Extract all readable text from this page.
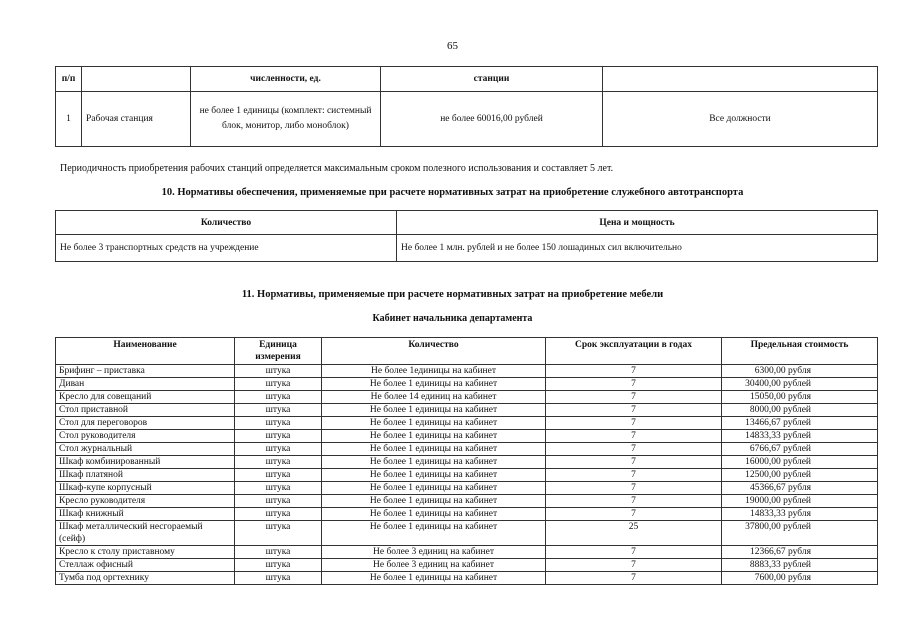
65
п/п		численности, ед.	станции	
1	Рабочая станция	не более 1 единицы (комплект: системный блок, монитор, либо моноблок)	не более 60016,00 рублей	Все должности
Периодичность приобретения рабочих станций определяется максимальным сроком полезного использования и составляет 5 лет.
10. Нормативы обеспечения, применяемые при расчете нормативных затрат на приобретение служебного автотранспорта
Количество	Цена и мощность
Не более 3 транспортных средств на учреждение	Не более 1 млн. рублей и не более 150 лошадиных сил включительно
11. Нормативы, применяемые при расчете нормативных затрат на приобретение мебели
Кабинет начальника департамента
Наименование	Единица измерения	Количество	Срок эксплуатации в годах	Предельная стоимость
Брифинг – приставка	штука	Не более 1единицы на кабинет	7	6300,00 рубля
Диван	штука	Не более 1 единицы на кабинет	7	30400,00 рублей
Кресло для совещаний	штука	Не более 14 единиц на кабинет	7	15050,00 рубля
Стол приставной	штука	Не более 1 единицы на кабинет	7	8000,00 рублей
Стол для переговоров	штука	Не более 1 единицы на кабинет	7	13466,67 рублей
Стол руководителя	штука	Не более 1 единицы на кабинет	7	14833,33 рублей
Стол журнальный	штука	Не более 1 единицы на кабинет	7	6766,67 рублей
Шкаф комбинированный	штука	Не более 1 единицы на кабинет	7	16000,00 рублей
Шкаф платяной	штука	Не более 1 единицы на кабинет	7	12500,00 рублей
Шкаф-купе корпусный	штука	Не более 1 единицы на кабинет	7	45366,67 рубля
Кресло руководителя	штука	Не более 1 единицы на кабинет	7	19000,00 рублей
Шкаф книжный	штука	Не более 1 единицы на кабинет	7	14833,33 рубля
Шкаф металлический несгораемый (сейф)	штука	Не более 1 единицы на кабинет	25	37800,00 рублей
Кресло к столу приставному	штука	Не более 3 единиц на кабинет	7	12366,67 рубля
Стеллаж офисный	штука	Не более 3 единиц на кабинет	7	8883,33 рублей
Тумба под оргтехнику	штука	Не более 1 единицы на кабинет	7	7600,00 рубля
